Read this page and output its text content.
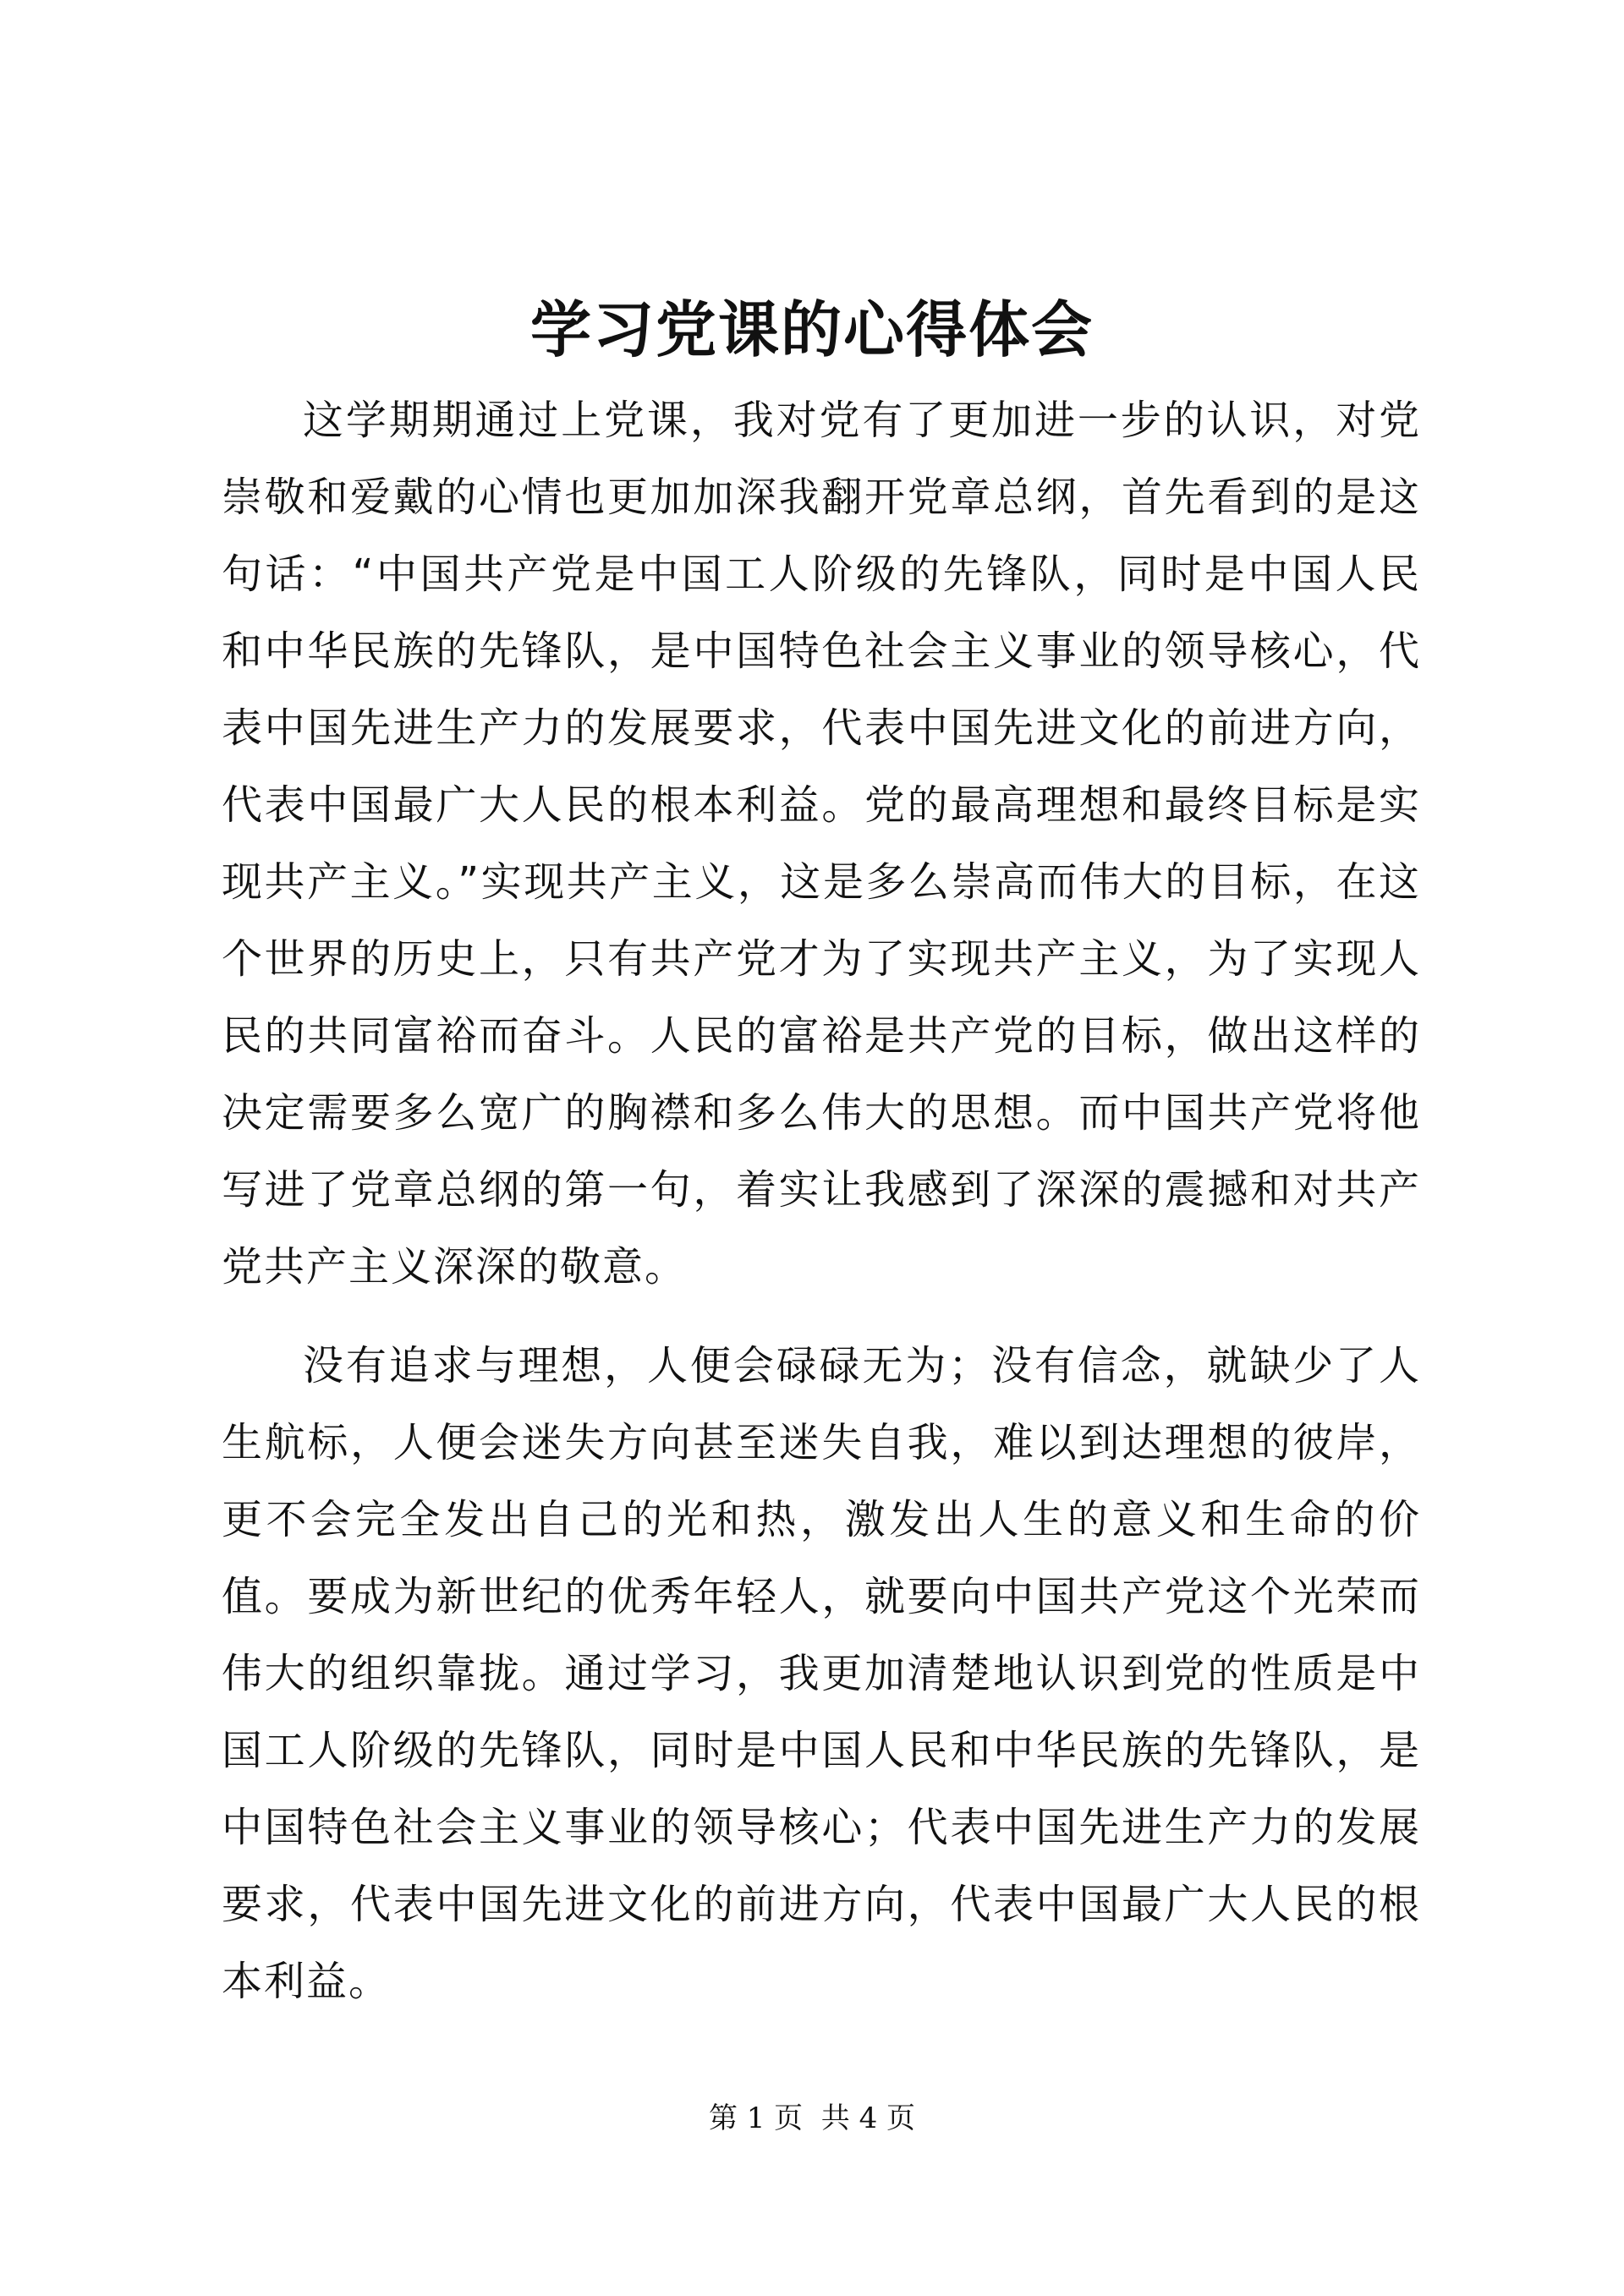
学习党课的心得体会

这学期期通过上党课，我对党有了更加进一步的认识，对党崇敬和爱戴的心情也更加加深我翻开党章总纲，首先看到的是这句话：“中国共产党是中国工人阶级的先锋队，同时是中国人民和中华民族的先锋队，是中国特色社会主义事业的领导核心，代表中国先进生产力的发展要求，代表中国先进文化的前进方向，代表中国最广大人民的根本利益。党的最高理想和最终目标是实现共产主义。”实现共产主义，这是多么崇高而伟大的目标，在这个世界的历史上，只有共产党才为了实现共产主义，为了实现人民的共同富裕而奋斗。人民的富裕是共产党的目标，做出这样的决定需要多么宽广的胸襟和多么伟大的思想。而中国共产党将他写进了党章总纲的第一句，着实让我感到了深深的震撼和对共产党共产主义深深的敬意。

没有追求与理想，人便会碌碌无为；没有信念，就缺少了人生航标，人便会迷失方向甚至迷失自我，难以到达理想的彼岸，更不会完全发出自己的光和热，激发出人生的意义和生命的价值。要成为新世纪的优秀年轻人，就要向中国共产党这个光荣而伟大的组织靠拢。通过学习，我更加清楚地认识到党的性质是中国工人阶级的先锋队，同时是中国人民和中华民族的先锋队，是中国特色社会主义事业的领导核心；代表中国先进生产力的发展要求，代表中国先进文化的前进方向，代表中国最广大人民的根本利益。

第 1 页  共 4 页
